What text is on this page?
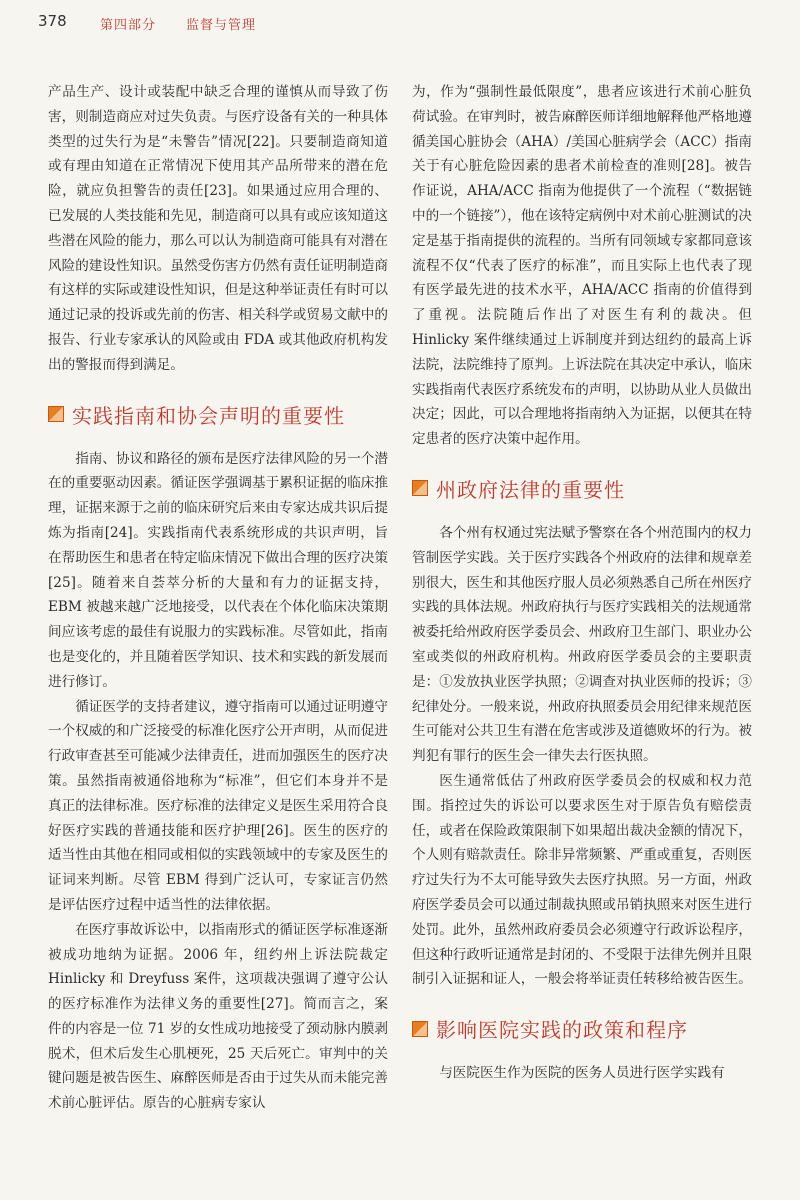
378	第四部分 监督与管理

产品生产、设计或装配中缺乏合理的谨慎从而导致了伤害，则制造商应对过失负责。与医疗设备有关的一种具体类型的过失行为是“未警告”情况[22]。只要制造商知道或有理由知道在正常情况下使用其产品所带来的潜在危险，就应负担警告的责任[23]。如果通过应用合理的、已发展的人类技能和先见，制造商可以具有或应该知道这些潜在风险的能力，那么可以认为制造商可能具有对潜在风险的建设性知识。虽然受伤害方仍然有责任证明制造商有这样的实际或建设性知识，但是这种举证责任有时可以通过记录的投诉或先前的伤害、相关科学或贸易文献中的报告、行业专家承认的风险或由 FDA 或其他政府机构发出的警报而得到满足。

实践指南和协会声明的重要性

指南、协议和路径的颁布是医疗法律风险的另一个潜在的重要驱动因素。循证医学强调基于累积证据的临床推理，证据来源于之前的临床研究后来由专家达成共识后提炼为指南[24]。实践指南代表系统形成的共识声明，旨在帮助医生和患者在特定临床情况下做出合理的医疗决策[25]。随着来自荟萃分析的大量和有力的证据支持，EBM 被越来越广泛地接受，以代表在个体化临床决策期间应该考虑的最佳有说服力的实践标准。尽管如此，指南也是变化的，并且随着医学知识、技术和实践的新发展而进行修订。

循证医学的支持者建议，遵守指南可以通过证明遵守一个权威的和广泛接受的标准化医疗公开声明，从而促进行政审查甚至可能减少法律责任，进而加强医生的医疗决策。虽然指南被通俗地称为“标准”，但它们本身并不是真正的法律标准。医疗标准的法律定义是医生采用符合良好医疗实践的普通技能和医疗护理[26]。医生的医疗的适当性由其他在相同或相似的实践领域中的专家及医生的证词来判断。尽管 EBM 得到广泛认可，专家证言仍然是评估医疗过程中适当性的法律依据。

在医疗事故诉讼中，以指南形式的循证医学标准逐渐被成功地纳为证据。2006 年，纽约州上诉法院裁定 Hinlicky 和 Dreyfuss 案件，这项裁决强调了遵守公认的医疗标准作为法律义务的重要性[27]。简而言之，案件的内容是一位 71 岁的女性成功地接受了颈动脉内膜剥脱术，但术后发生心肌梗死，25 天后死亡。审判中的关键问题是被告医生、麻醉医师是否由于过失从而未能完善术前心脏评估。原告的心脏病专家认

为，作为“强制性最低限度”，患者应该进行术前心脏负荷试验。在审判时，被告麻醉医师详细地解释他严格地遵循美国心脏协会（AHA）/美国心脏病学会（ACC）指南关于有心脏危险因素的患者术前检查的准则[28]。被告作证说，AHA/ACC 指南为他提供了一个流程（“数据链中的一个链接”），他在该特定病例中对术前心脏测试的决定是基于指南提供的流程的。当所有同领域专家都同意该流程不仅“代表了医疗的标准”，而且实际上也代表了现有医学最先进的技术水平，AHA/ACC 指南的价值得到了重视。法院随后作出了对医生有利的裁决。但 Hinlicky 案件继续通过上诉制度并到达纽约的最高上诉法院，法院维持了原判。上诉法院在其决定中承认，临床实践指南代表医疗系统发布的声明，以协助从业人员做出决定；因此，可以合理地将指南纳入为证据，以便其在特定患者的医疗决策中起作用。

州政府法律的重要性

各个州有权通过宪法赋予警察在各个州范围内的权力管制医学实践。关于医疗实践各个州政府的法律和规章差别很大，医生和其他医疗服人员必须熟悉自己所在州医疗实践的具体法规。州政府执行与医疗实践相关的法规通常被委托给州政府医学委员会、州政府卫生部门、职业办公室或类似的州政府机构。州政府医学委员会的主要职责是：①发放执业医学执照；②调查对执业医师的投诉；③纪律处分。一般来说，州政府执照委员会用纪律来规范医生可能对公共卫生有潜在危害或涉及道德败坏的行为。被判犯有罪行的医生会一律失去行医执照。

医生通常低估了州政府医学委员会的权威和权力范围。指控过失的诉讼可以要求医生对于原告负有赔偿责任，或者在保险政策限制下如果超出裁决金额的情况下，个人则有赔款责任。除非异常频繁、严重或重复，否则医疗过失行为不太可能导致失去医疗执照。另一方面，州政府医学委员会可以通过制裁执照或吊销执照来对医生进行处罚。此外，虽然州政府委员会必须遵守行政诉讼程序，但这种行政听证通常是封闭的、不受限于法律先例并且限制引入证据和证人，一般会将举证责任转移给被告医生。

影响医院实践的政策和程序

与医院医生作为医院的医务人员进行医学实践有
